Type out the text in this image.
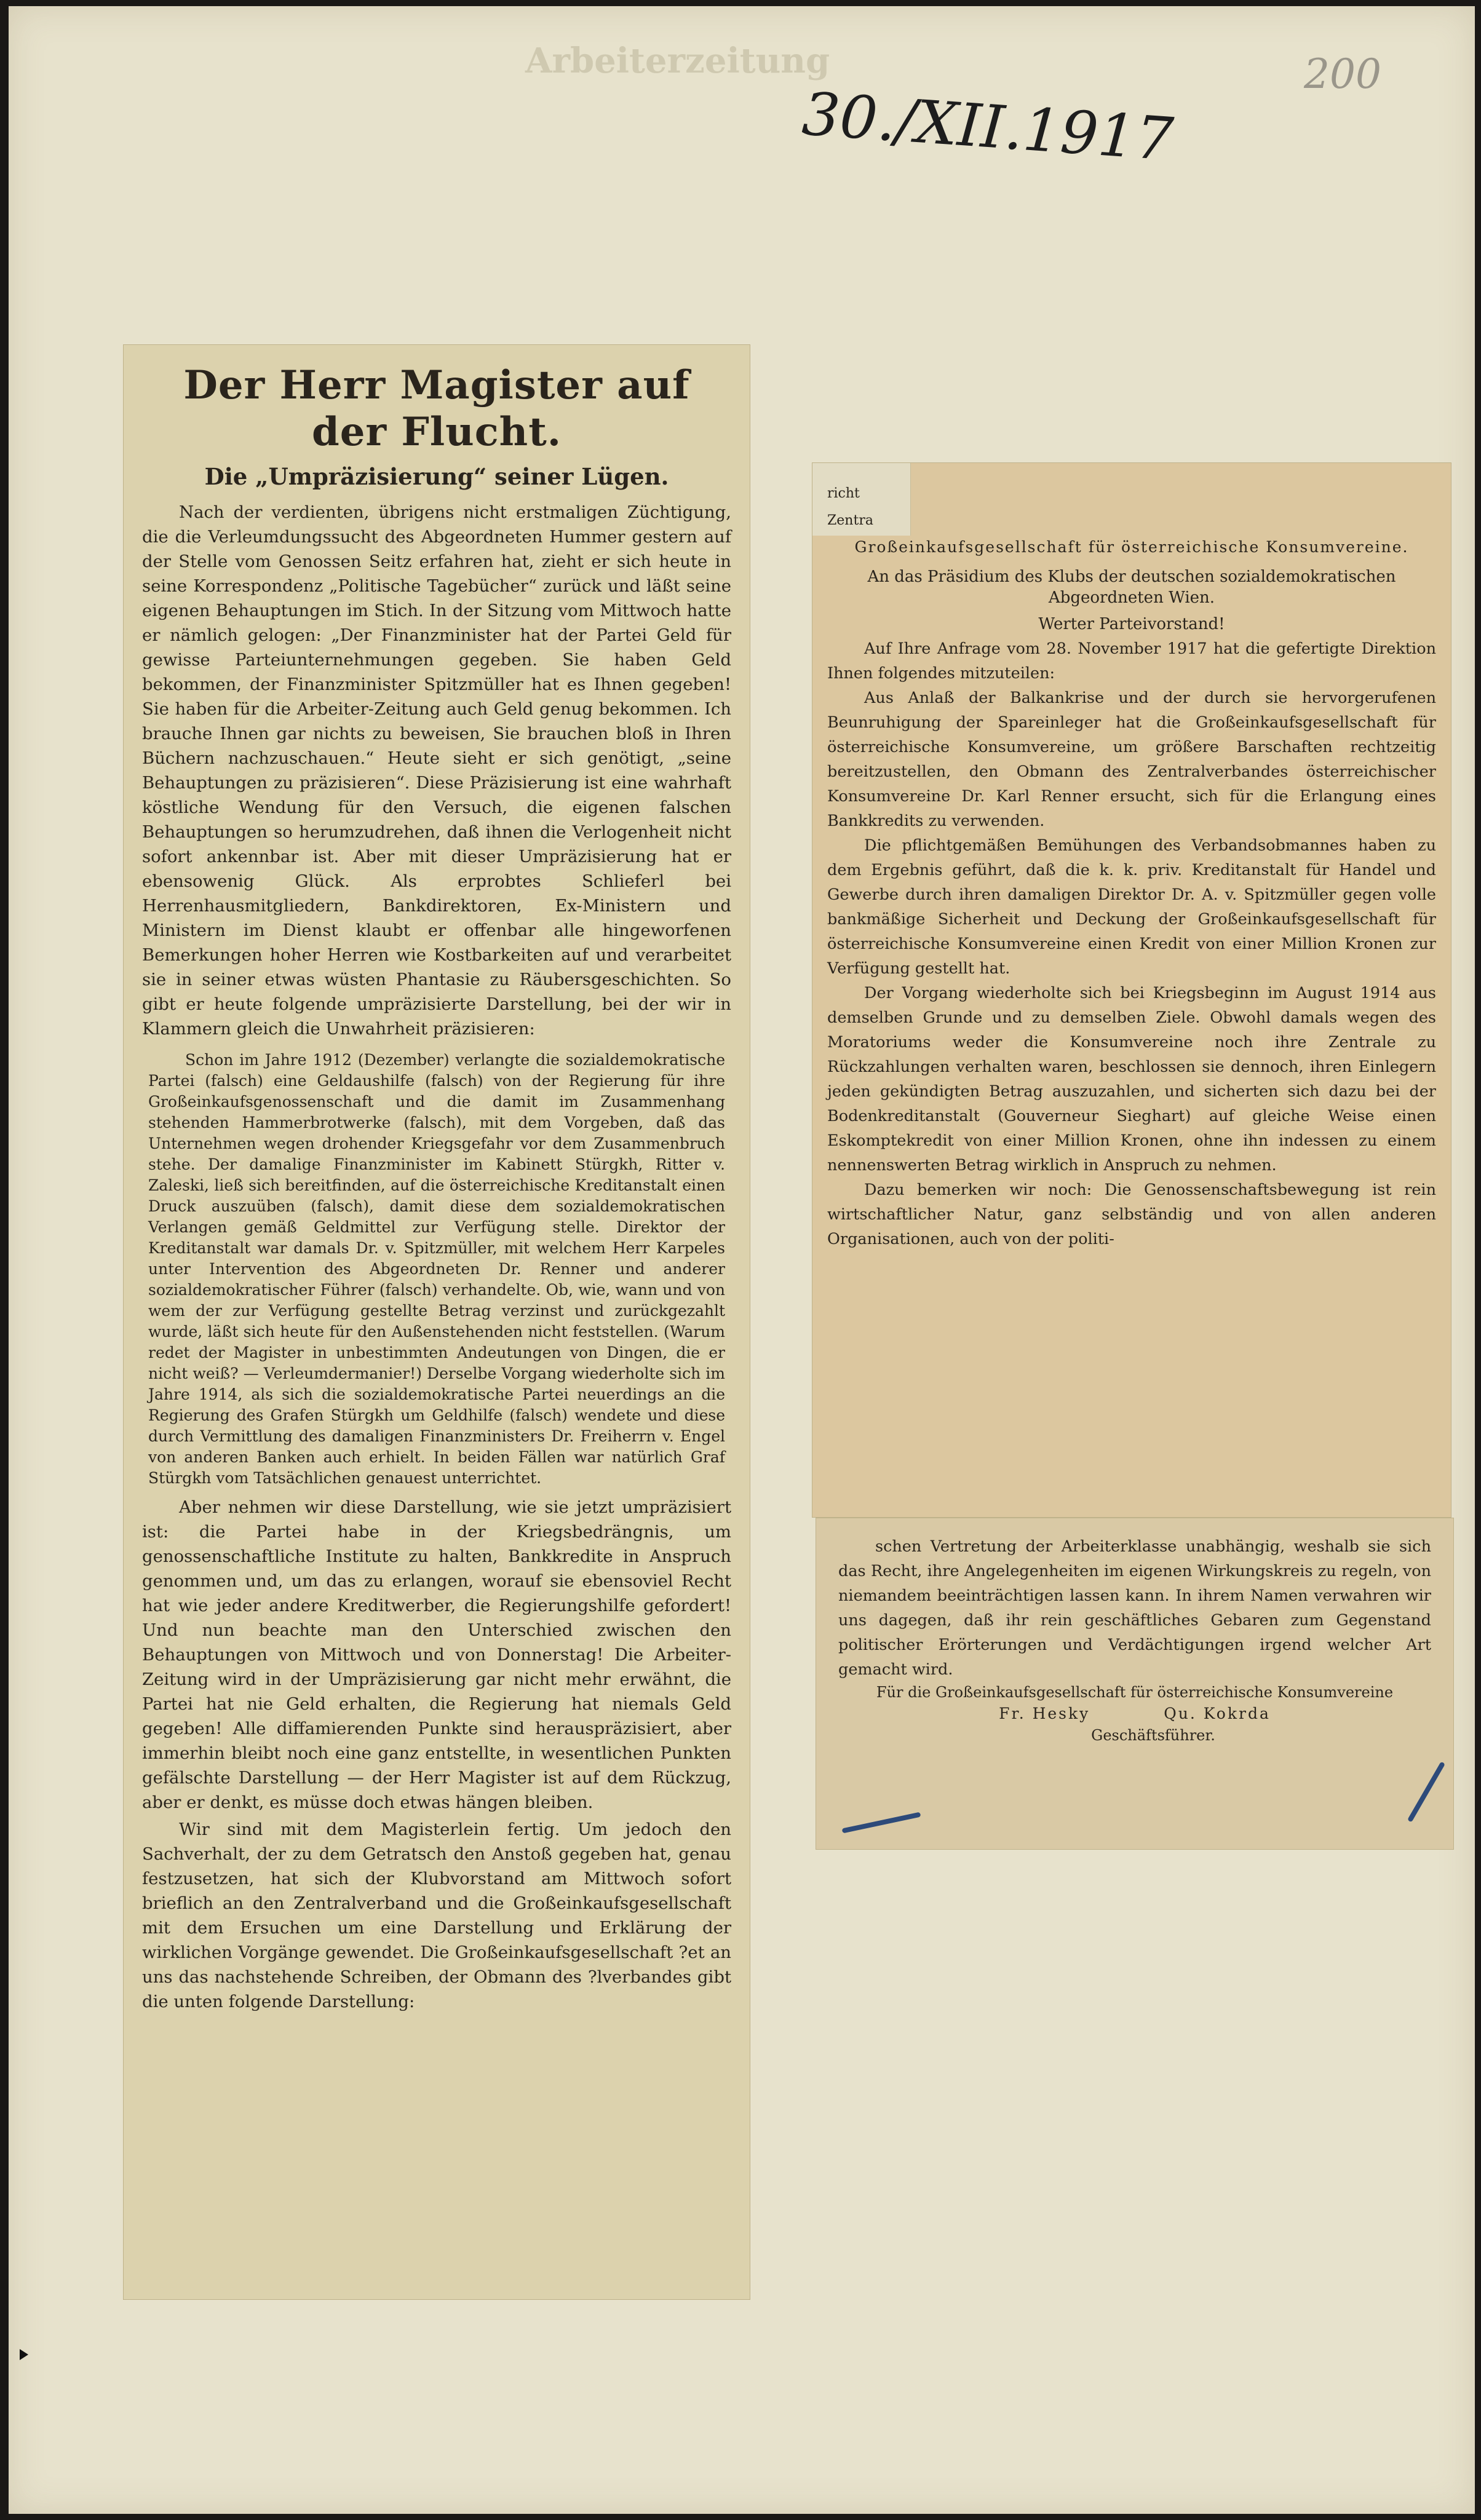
Arbeiterzeitung	200
30./XII.1917
Der Herr Magister auf der Flucht.
Die „Umpräzisierung“ seiner Lügen.

Nach der verdienten, übrigens nicht erstmaligen Züchtigung, die die Verleumdungssucht des Abgeordneten Hummer gestern auf der Stelle vom Genossen Seitz erfahren hat, zieht er sich heute in seine Korrespondenz „Politische Tagebücher“ zurück und läßt seine eigenen Behauptungen im Stich. In der Sitzung vom Mittwoch hatte er nämlich gelogen: „Der Finanzminister hat der Partei Geld für gewisse Parteiunternehmungen gegeben. Sie haben Geld bekommen, der Finanzminister Spitzmüller hat es Ihnen gegeben! Sie haben für die Arbeiter-Zeitung auch Geld genug bekommen. Ich brauche Ihnen gar nichts zu beweisen, Sie brauchen bloß in Ihren Büchern nachzuschauen.“ Heute sieht er sich genötigt, „seine Behauptungen zu präzisieren“. Diese Präzisierung ist eine wahrhaft köstliche Wendung für den Versuch, die eigenen falschen Behauptungen so herumzudrehen, daß ihnen die Verlogenheit nicht sofort ankennbar ist. Aber mit dieser Umpräzisierung hat er ebensowenig Glück. Als erprobtes Schlieferl bei Herrenhausmitgliedern, Bankdirektoren, Ex-Ministern und Ministern im Dienst klaubt er offenbar alle hingeworfenen Bemerkungen hoher Herren wie Kostbarkeiten auf und verarbeitet sie in seiner etwas wüsten Phantasie zu Räubersgeschichten. So gibt er heute folgende umpräzisierte Darstellung, bei der wir in Klammern gleich die Unwahrheit präzisieren:

Schon im Jahre 1912 (Dezember) verlangte die sozialdemokratische Partei (falsch) eine Geldaushilfe (falsch) von der Regierung für ihre Großeinkaufsgenossenschaft und die damit im Zusammenhang stehenden Hammerbrotwerke (falsch), mit dem Vorgeben, daß das Unternehmen wegen drohender Kriegsgefahr vor dem Zusammenbruch stehe. Der damalige Finanzminister im Kabinett Stürgkh, Ritter v. Zaleski, ließ sich bereitfinden, auf die österreichische Kreditanstalt einen Druck auszuüben (falsch), damit diese dem sozialdemokratischen Verlangen gemäß Geldmittel zur Verfügung stelle. Direktor der Kreditanstalt war damals Dr. v. Spitzmüller, mit welchem Herr Karpeles unter Intervention des Abgeordneten Dr. Renner und anderer sozialdemokratischer Führer (falsch) verhandelte. Ob, wie, wann und von wem der zur Verfügung gestellte Betrag verzinst und zurückgezahlt wurde, läßt sich heute für den Außenstehenden nicht feststellen. (Warum redet der Magister in unbestimmten Andeutungen von Dingen, die er nicht weiß? — Verleumdermanier!) Derselbe Vorgang wiederholte sich im Jahre 1914, als sich die sozialdemokratische Partei neuerdings an die Regierung des Grafen Stürgkh um Geldhilfe (falsch) wendete und diese durch Vermittlung des damaligen Finanzministers Dr. Freiherrn v. Engel von anderen Banken auch erhielt. In beiden Fällen war natürlich Graf Stürgkh vom Tatsächlichen genauest unterrichtet.

Aber nehmen wir diese Darstellung, wie sie jetzt umpräzisiert ist: die Partei habe in der Kriegsbedrängnis, um genossenschaftliche Institute zu halten, Bankkredite in Anspruch genommen und, um das zu erlangen, worauf sie ebensoviel Recht hat wie jeder andere Kreditwerber, die Regierungshilfe gefordert! Und nun beachte man den Unterschied zwischen den Behauptungen von Mittwoch und von Donnerstag! Die Arbeiter-Zeitung wird in der Umpräzisierung gar nicht mehr erwähnt, die Partei hat nie Geld erhalten, die Regierung hat niemals Geld gegeben! Alle diffamierenden Punkte sind herauspräzisiert, aber immerhin bleibt noch eine ganz entstellte, in wesentlichen Punkten gefälschte Darstellung — der Herr Magister ist auf dem Rückzug, aber er denkt, es müsse doch etwas hängen bleiben.

Wir sind mit dem Magisterlein fertig. Um jedoch den Sachverhalt, der zu dem Getratsch den Anstoß gegeben hat, genau festzusetzen, hat sich der Klubvorstand am Mittwoch sofort brieflich an den Zentralverband und die Großeinkaufsgesellschaft mit dem Ersuchen um eine Darstellung und Erklärung der wirklichen Vorgänge gewendet. Die Großeinkaufsgesellschaft ?et an uns das nachstehende Schreiben, der Obmann des ?lverbandes gibt die unten folgende Darstellung:

richt
Zentra

Großeinkaufsgesellschaft für österreichische Konsumvereine.

An das Präsidium des Klubs der deutschen sozialdemokratischen Abgeordneten Wien.

Werter Parteivorstand!

Auf Ihre Anfrage vom 28. November 1917 hat die gefertigte Direktion Ihnen folgendes mitzuteilen:

Aus Anlaß der Balkankrise und der durch sie hervorgerufenen Beunruhigung der Spareinleger hat die Großeinkaufsgesellschaft für österreichische Konsumvereine, um größere Barschaften rechtzeitig bereitzustellen, den Obmann des Zentralverbandes österreichischer Konsumvereine Dr. Karl Renner ersucht, sich für die Erlangung eines Bankkredits zu verwenden.

Die pflichtgemäßen Bemühungen des Verbandsobmannes haben zu dem Ergebnis geführt, daß die k. k. priv. Kreditanstalt für Handel und Gewerbe durch ihren damaligen Direktor Dr. A. v. Spitzmüller gegen volle bankmäßige Sicherheit und Deckung der Großeinkaufsgesellschaft für österreichische Konsumvereine einen Kredit von einer Million Kronen zur Verfügung gestellt hat.

Der Vorgang wiederholte sich bei Kriegsbeginn im August 1914 aus demselben Grunde und zu demselben Ziele. Obwohl damals wegen des Moratoriums weder die Konsumvereine noch ihre Zentrale zu Rückzahlungen verhalten waren, beschlossen sie dennoch, ihren Einlegern jeden gekündigten Betrag auszuzahlen, und sicherten sich dazu bei der Bodenkreditanstalt (Gouverneur Sieghart) auf gleiche Weise einen Eskomptekredit von einer Million Kronen, ohne ihn indessen zu einem nennenswerten Betrag wirklich in Anspruch zu nehmen.

Dazu bemerken wir noch: Die Genossenschaftsbewegung ist rein wirtschaftlicher Natur, ganz selbständig und von allen anderen Organisationen, auch von der politi-

schen Vertretung der Arbeiterklasse unabhängig, weshalb sie sich das Recht, ihre Angelegenheiten im eigenen Wirkungskreis zu regeln, von niemandem beeinträchtigen lassen kann. In ihrem Namen verwahren wir uns dagegen, daß ihr rein geschäftliches Gebaren zum Gegenstand politischer Erörterungen und Verdächtigungen irgend welcher Art gemacht wird.

Für die Großeinkaufsgesellschaft für österreichische Konsumvereine

Fr. Hesky	Qu. Kokrda
Geschäftsführer.
